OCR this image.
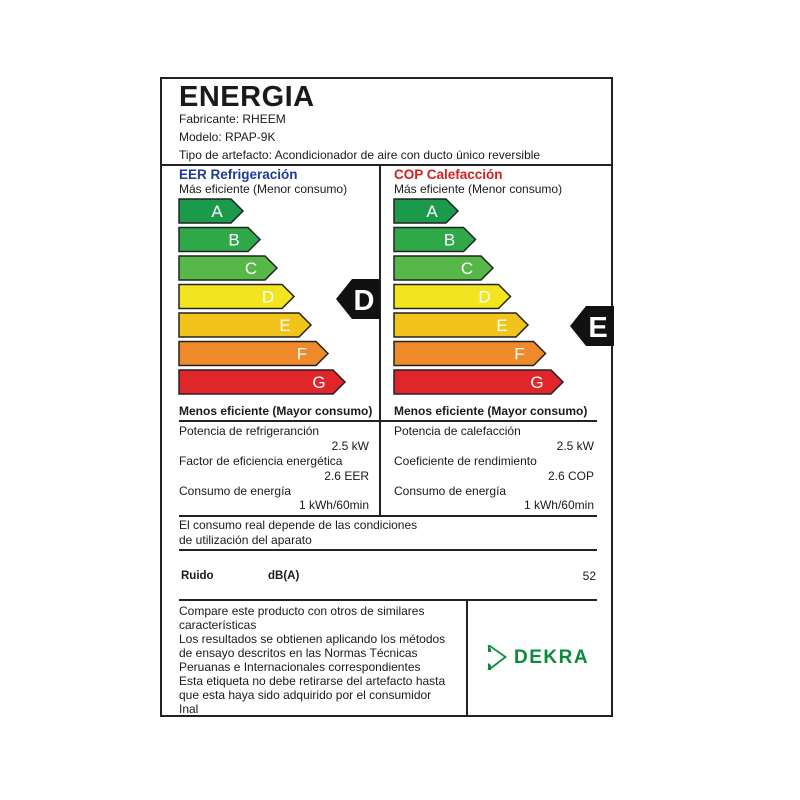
ENERGIA
Fabricante: RHEEM
Modelo: RPAP-9K
Tipo de artefacto: Acondicionador de aire con ducto único reversible
EER Refrigeración
Más eficiente (Menor consumo)
A
B
C
D
E
F
G
Menos eficiente (Mayor consumo)
COP Calefacción
Más eficiente (Menor consumo)
A
B
C
D
E
F
G
Menos eficiente (Mayor consumo)
Potencia de refrigeranción
2.5 kW
Factor de eficiencia energética
2.6 EER
Consumo de energía
1 kWh/60min
Potencia de calefacción
2.5 kW
Coeficiente de rendimiento
2.6 COP
Consumo de energía
1 kWh/60min
El consumo real depende de las condiciones
de utilización del aparato
Ruido	dB(A)	52
Compare este producto con otros de similares
características
Los resultados se obtienen aplicando los métodos
de ensayo descritos en las Normas Técnicas
Peruanas e Internacionales correspondientes
Esta etiqueta no debe retirarse del artefacto hasta
que esta haya sido adquirido por el consumidor
Inal
DEKRA
D
E
